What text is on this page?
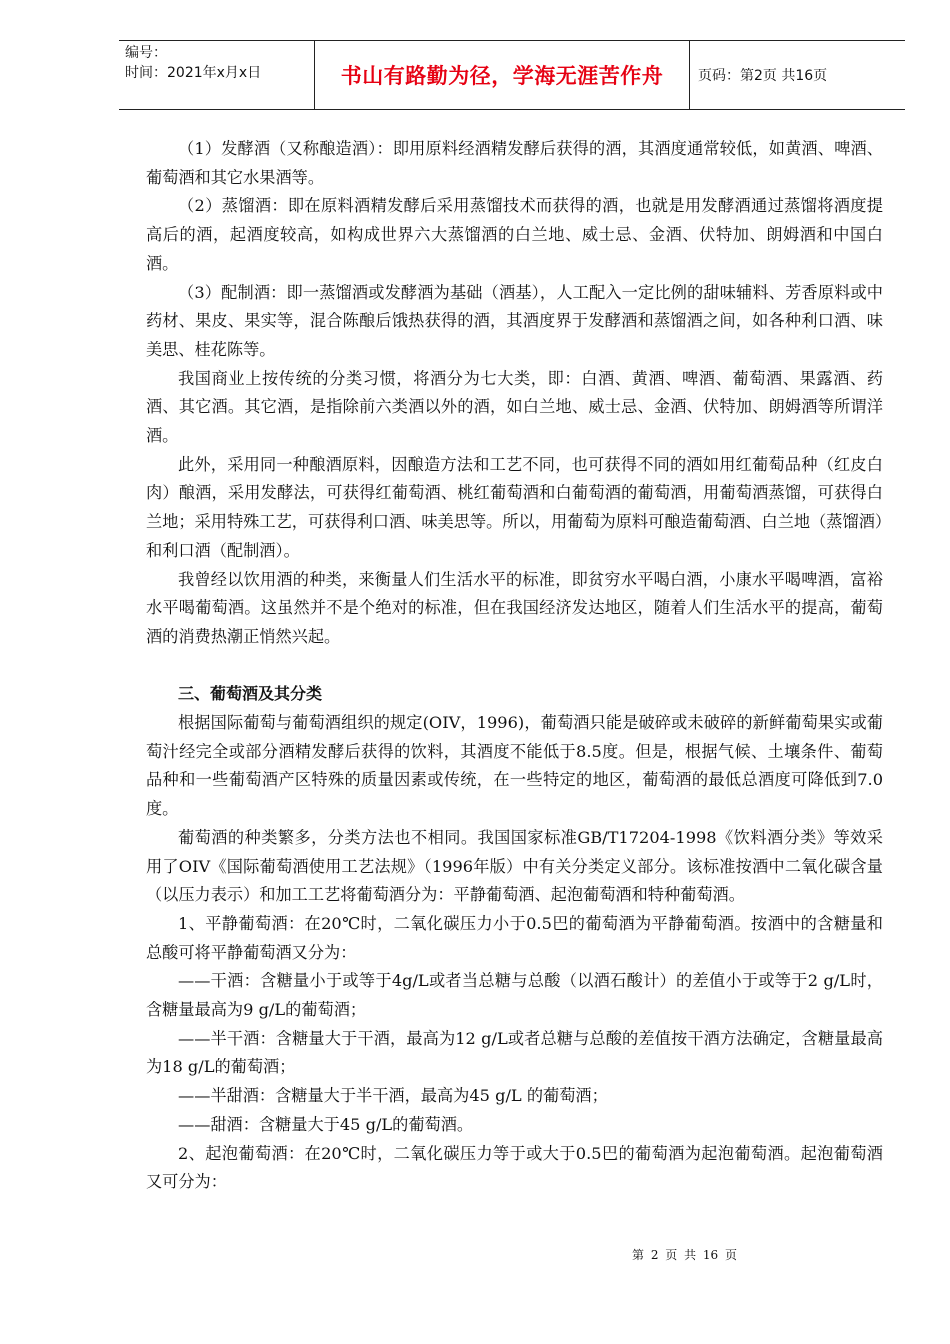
编号：
时间：2021年x月x日	书山有路勤为径，学海无涯苦作舟	页码：第2页 共16页

（1）发酵酒（又称酿造酒）：即用原料经酒精发酵后获得的酒，其酒度通常较低，如黄酒、啤酒、葡萄酒和其它水果酒等。

（2）蒸馏酒：即在原料酒精发酵后采用蒸馏技术而获得的酒，也就是用发酵酒通过蒸馏将酒度提高后的酒，起酒度较高，如构成世界六大蒸馏酒的白兰地、威士忌、金酒、伏特加、朗姆酒和中国白酒。

（3）配制酒：即一蒸馏酒或发酵酒为基础（酒基），人工配入一定比例的甜味辅料、芳香原料或中药材、果皮、果实等，混合陈酿后饿热获得的酒，其酒度界于发酵酒和蒸馏酒之间，如各种利口酒、味美思、桂花陈等。

我国商业上按传统的分类习惯，将酒分为七大类，即：白酒、黄酒、啤酒、葡萄酒、果露酒、药酒、其它酒。其它酒，是指除前六类酒以外的酒，如白兰地、威士忌、金酒、伏特加、朗姆酒等所谓洋酒。

此外，采用同一种酿酒原料，因酿造方法和工艺不同，也可获得不同的酒如用红葡萄品种（红皮白肉）酿酒，采用发酵法，可获得红葡萄酒、桃红葡萄酒和白葡萄酒的葡萄酒，用葡萄酒蒸馏，可获得白兰地；采用特殊工艺，可获得利口酒、味美思等。所以，用葡萄为原料可酿造葡萄酒、白兰地（蒸馏酒）和利口酒（配制酒）。

我曾经以饮用酒的种类，来衡量人们生活水平的标准，即贫穷水平喝白酒，小康水平喝啤酒，富裕水平喝葡萄酒。这虽然并不是个绝对的标准，但在我国经济发达地区，随着人们生活水平的提高，葡萄酒的消费热潮正悄然兴起。

三、葡萄酒及其分类

根据国际葡萄与葡萄酒组织的规定(OIV，1996)，葡萄酒只能是破碎或未破碎的新鲜葡萄果实或葡萄汁经完全或部分酒精发酵后获得的饮料，其酒度不能低于8.5度。但是，根据气候、土壤条件、葡萄品种和一些葡萄酒产区特殊的质量因素或传统，在一些特定的地区，葡萄酒的最低总酒度可降低到7.0度。

葡萄酒的种类繁多，分类方法也不相同。我国国家标准GB/T17204-1998《饮料酒分类》等效采用了OIV《国际葡萄酒使用工艺法规》（1996年版）中有关分类定义部分。该标准按酒中二氧化碳含量（以压力表示）和加工工艺将葡萄酒分为：平静葡萄酒、起泡葡萄酒和特种葡萄酒。

1、平静葡萄酒：在20℃时，二氧化碳压力小于0.5巴的葡萄酒为平静葡萄酒。按酒中的含糖量和总酸可将平静葡萄酒又分为：

——干酒：含糖量小于或等于4g/L或者当总糖与总酸（以酒石酸计）的差值小于或等于2 g/L时，含糖量最高为9 g/L的葡萄酒；

——半干酒：含糖量大于干酒，最高为12 g/L或者总糖与总酸的差值按干酒方法确定，含糖量最高为18 g/L的葡萄酒；

——半甜酒：含糖量大于半干酒，最高为45 g/L 的葡萄酒；

——甜酒：含糖量大于45 g/L的葡萄酒。

2、起泡葡萄酒：在20℃时，二氧化碳压力等于或大于0.5巴的葡萄酒为起泡葡萄酒。起泡葡萄酒又可分为：

第 2 页 共 16 页
